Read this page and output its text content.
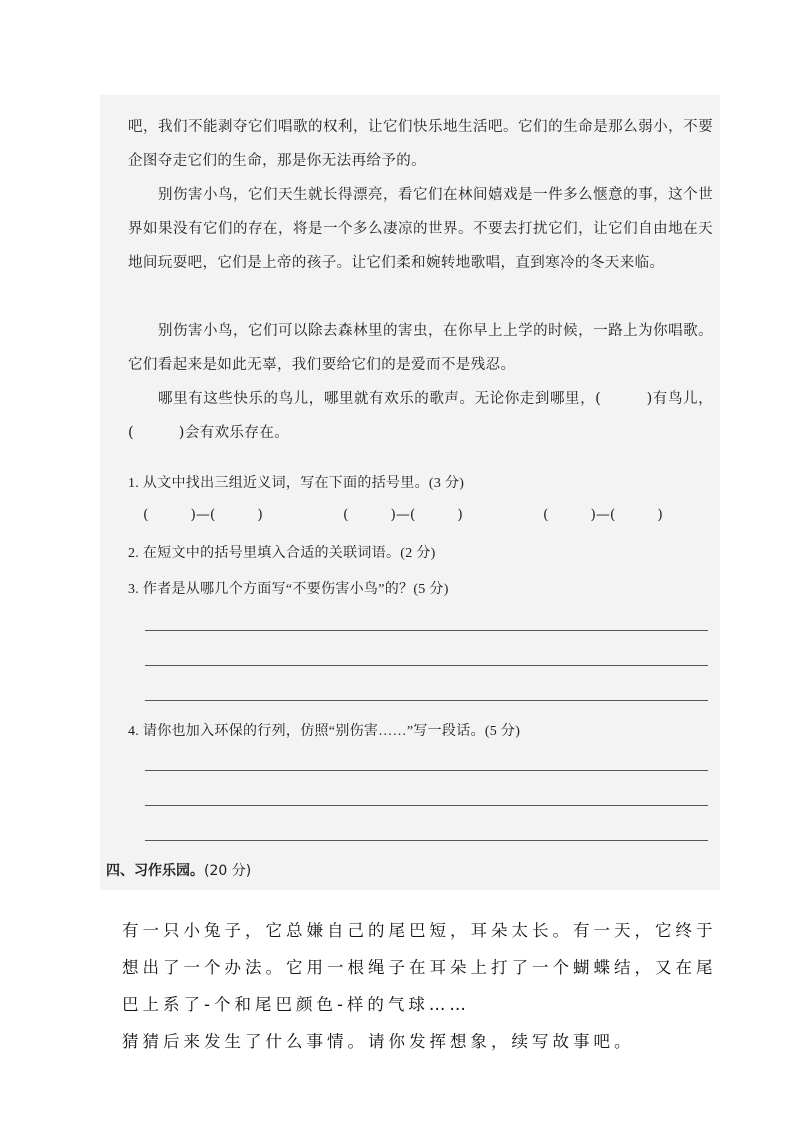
吧，我们不能剥夺它们唱歌的权利，让它们快乐地生活吧。它们的生命是那么弱小，不要企图夺走它们的生命，那是你无法再给予的。

别伤害小鸟，它们天生就长得漂亮，看它们在林间嬉戏是一件多么惬意的事，这个世界如果没有它们的存在，将是一个多么凄凉的世界。不要去打扰它们，让它们自由地在天地间玩耍吧，它们是上帝的孩子。让它们柔和婉转地歌唱，直到寒冷的冬天来临。

别伤害小鸟，它们可以除去森林里的害虫，在你早上上学的时候，一路上为你唱歌。它们看起来是如此无辜，我们要给它们的是爱而不是残忍。

哪里有这些快乐的鸟儿，哪里就有欢乐的歌声。无论你走到哪里，(　　　)有鸟儿，(　　　)会有欢乐存在。

1. 从文中找出三组近义词，写在下面的括号里。(3 分)
(　　　)—(　　　)	(　　　)—(　　　)	(　　　)—(　　　)
2. 在短文中的括号里填入合适的关联词语。(2 分)
3. 作者是从哪几个方面写“不要伤害小鸟”的？(5 分)
4. 请你也加入环保的行列，仿照“别伤害……”写一段话。(5 分)
四、习作乐园。(20 分)

有一只小兔子，它总嫌自己的尾巴短，耳朵太长。有一天，它终于想出了一个办法。它用一根绳子在耳朵上打了一个蝴蝶结，又在尾巴上系了-个和尾巴颜色-样的气球……

猜猜后来发生了什么事情。请你发挥想象，续写故事吧。
